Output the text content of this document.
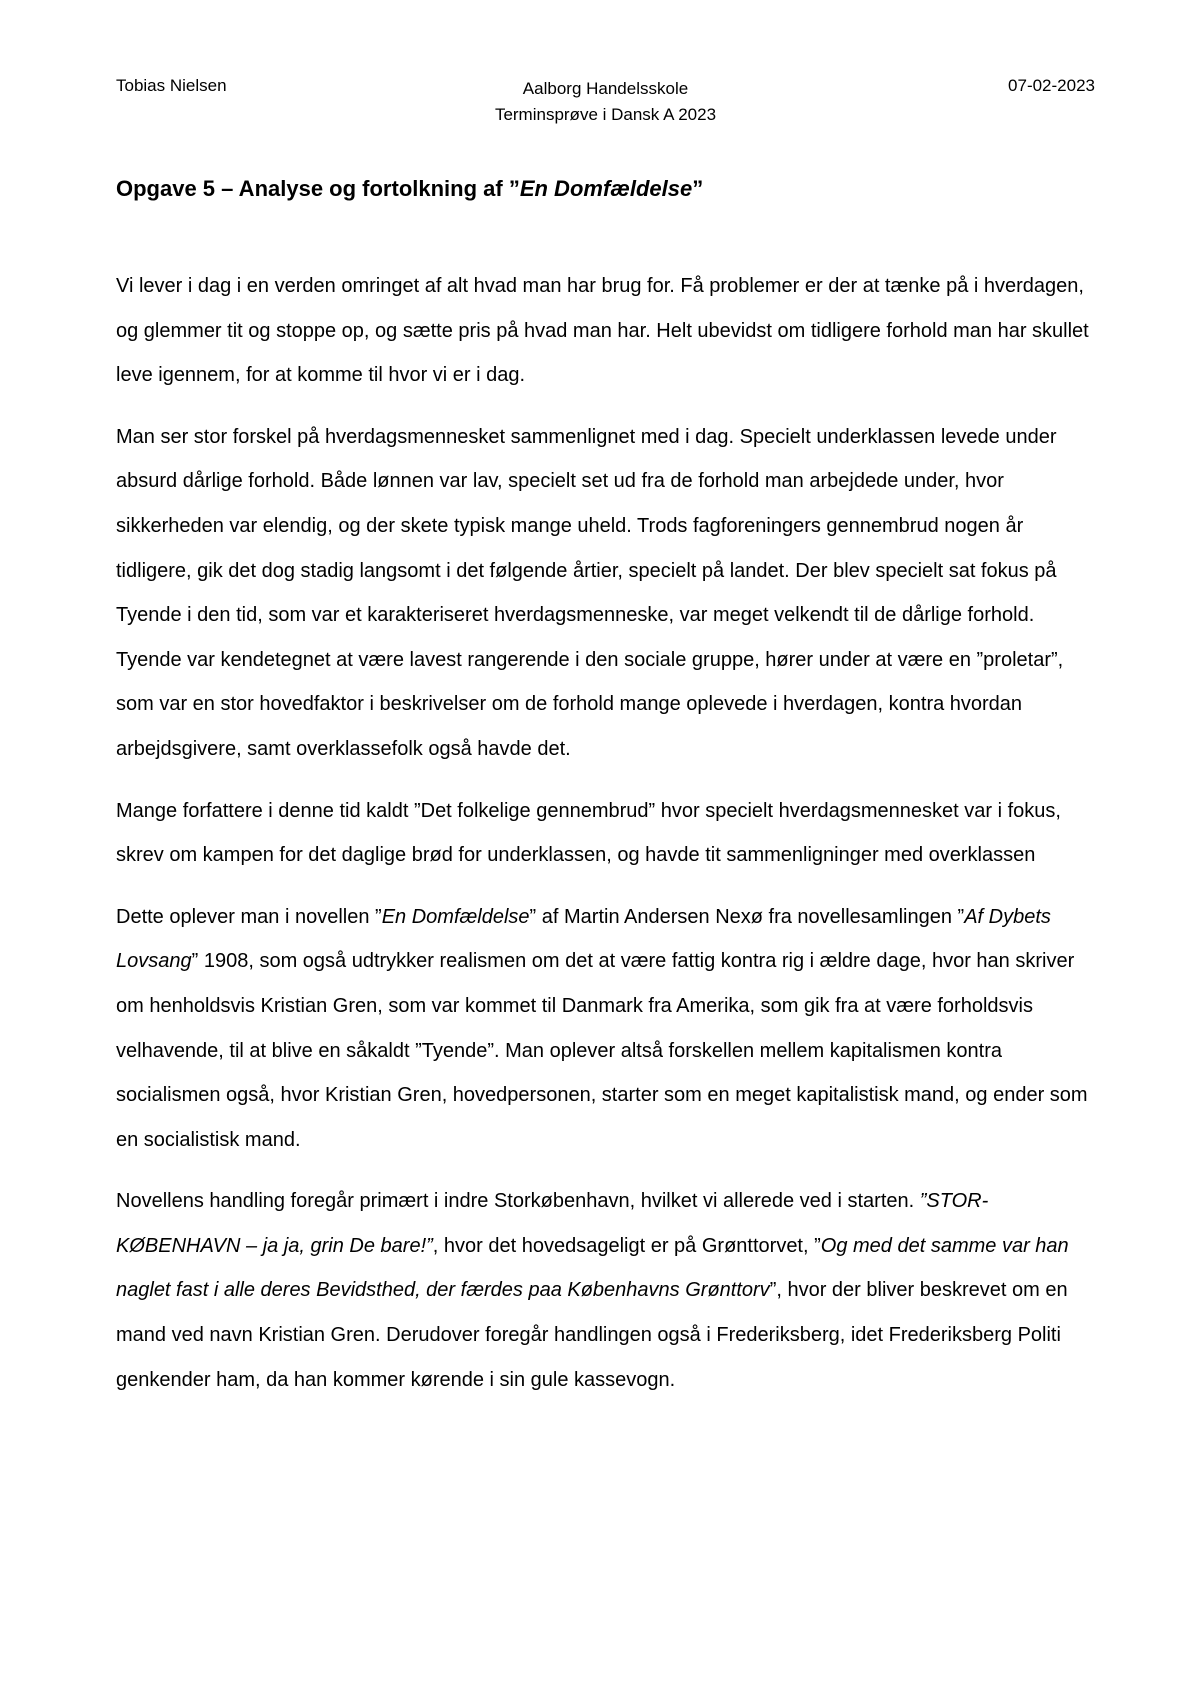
Tobias Nielsen	Aalborg Handelsskole
Terminsprøve i Dansk A 2023
07-02-2023
Opgave 5 – Analyse og fortolkning af ”En Domfældelse”

Vi lever i dag i en verden omringet af alt hvad man har brug for. Få problemer er der at tænke på i hverdagen, og glemmer tit og stoppe op, og sætte pris på hvad man har. Helt ubevidst om tidligere forhold man har skullet leve igennem, for at komme til hvor vi er i dag.

Man ser stor forskel på hverdagsmennesket sammenlignet med i dag. Specielt underklassen levede under absurd dårlige forhold. Både lønnen var lav, specielt set ud fra de forhold man arbejdede under, hvor sikkerheden var elendig, og der skete typisk mange uheld. Trods fagforeningers gennembrud nogen år tidligere, gik det dog stadig langsomt i det følgende årtier, specielt på landet. Der blev specielt sat fokus på Tyende i den tid, som var et karakteriseret hverdagsmenneske, var meget velkendt til de dårlige forhold. Tyende var kendetegnet at være lavest rangerende i den sociale gruppe, hører under at være en ”proletar”, som var en stor hovedfaktor i beskrivelser om de forhold mange oplevede i hverdagen, kontra hvordan arbejdsgivere, samt overklassefolk også havde det.

Mange forfattere i denne tid kaldt ”Det folkelige gennembrud” hvor specielt hverdagsmennesket var i fokus, skrev om kampen for det daglige brød for underklassen, og havde tit sammenligninger med overklassen

Dette oplever man i novellen ”En Domfældelse” af Martin Andersen Nexø fra novellesamlingen ”Af Dybets Lovsang” 1908, som også udtrykker realismen om det at være fattig kontra rig i ældre dage, hvor han skriver om henholdsvis Kristian Gren, som var kommet til Danmark fra Amerika, som gik fra at være forholdsvis velhavende, til at blive en såkaldt ”Tyende”. Man oplever altså forskellen mellem kapitalismen kontra socialismen også, hvor Kristian Gren, hovedpersonen, starter som en meget kapitalistisk mand, og ender som en socialistisk mand.

Novellens handling foregår primært i indre Storkøbenhavn, hvilket vi allerede ved i starten. ”STOR-KØBENHAVN – ja ja, grin De bare!”, hvor det hovedsageligt er på Grønttorvet, ”Og med det samme var han naglet fast i alle deres Bevidsthed, der færdes paa Københavns Grønttorv”, hvor der bliver beskrevet om en mand ved navn Kristian Gren. Derudover foregår handlingen også i Frederiksberg, idet Frederiksberg Politi genkender ham, da han kommer kørende i sin gule kassevogn.
